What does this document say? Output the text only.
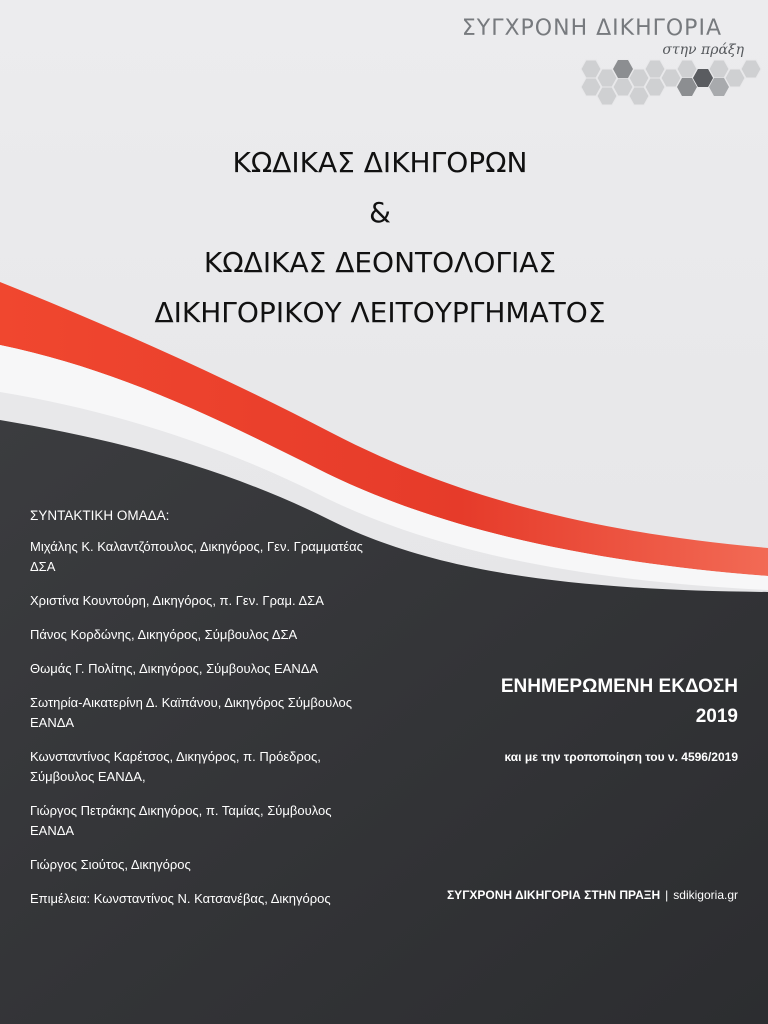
ΣΥΓΧΡΟΝΗ ΔΙΚΗΓΟΡΙΑ
στην πράξη
ΚΩΔΙΚΑΣ ΔΙΚΗΓΟΡΩΝ
&
ΚΩΔΙΚΑΣ ΔΕΟΝΤΟΛΟΓΙΑΣ
ΔΙΚΗΓΟΡΙΚΟΥ ΛΕΙΤΟΥΡΓΗΜΑΤΟΣ
ΣΥΝΤΑΚΤΙΚΗ ΟΜΑΔΑ:
Μιχάλης Κ. Καλαντζόπουλος, Δικηγόρος, Γεν. Γραμματέας ΔΣΑ
Χριστίνα Κουντούρη, Δικηγόρος, π. Γεν. Γραμ. ΔΣΑ
Πάνος Κορδώνης, Δικηγόρος, Σύμβουλος ΔΣΑ
Θωμάς Γ. Πολίτης, Δικηγόρος, Σύμβουλος ΕΑΝΔΑ
Σωτηρία-Αικατερίνη Δ. Καϊπάνου, Δικηγόρος Σύμβουλος ΕΑΝΔΑ
Κωνσταντίνος Καρέτσος, Δικηγόρος, π. Πρόεδρος, Σύμβουλος ΕΑΝΔΑ,
Γιώργος Πετράκης Δικηγόρος, π. Ταμίας, Σύμβουλος ΕΑΝΔΑ
Γιώργος Σιούτος, Δικηγόρος
Επιμέλεια: Κωνσταντίνος Ν. Κατσανέβας, Δικηγόρος
ΕΝΗΜΕΡΩΜΕΝΗ ΕΚΔΟΣΗ
2019
και με την τροποποίηση του ν. 4596/2019
ΣΥΓΧΡΟΝΗ ΔΙΚΗΓΟΡΙΑ ΣΤΗΝ ΠΡΑΞΗ | sdikigoria.gr
